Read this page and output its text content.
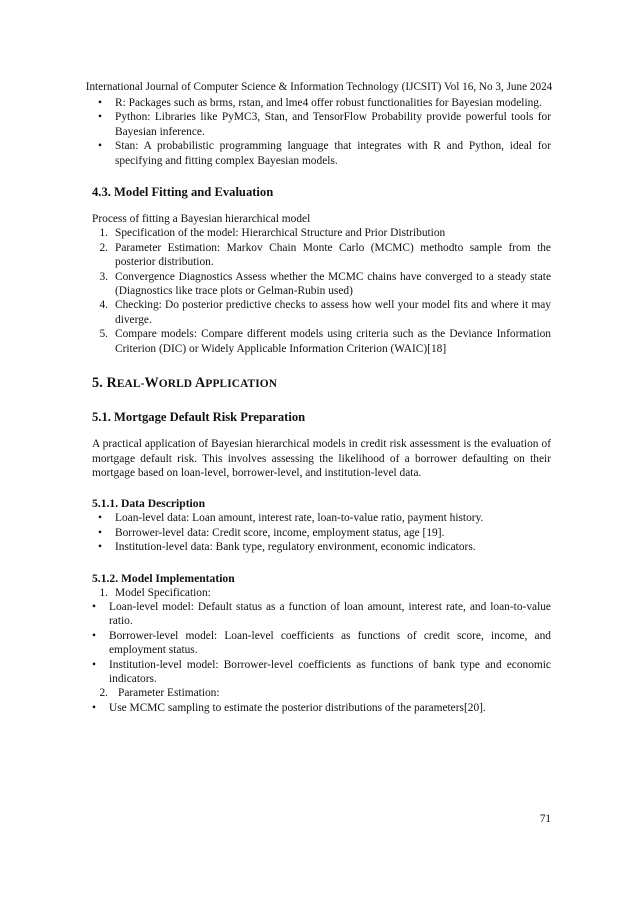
International Journal of Computer Science & Information Technology (IJCSIT) Vol 16, No 3, June 2024
• R: Packages such as brms, rstan, and lme4 offer robust functionalities for Bayesian modeling.
• Python: Libraries like PyMC3, Stan, and TensorFlow Probability provide powerful tools for Bayesian inference.
• Stan: A probabilistic programming language that integrates with R and Python, ideal for specifying and fitting complex Bayesian models.
4.3. Model Fitting and Evaluation

Process of fitting a Bayesian hierarchical model

1. Specification of the model: Hierarchical Structure and Prior Distribution
2. Parameter Estimation: Markov Chain Monte Carlo (MCMC) methodto sample from the posterior distribution.
3. Convergence Diagnostics Assess whether the MCMC chains have converged to a steady state (Diagnostics like trace plots or Gelman-Rubin used)
4. Checking: Do posterior predictive checks to assess how well your model fits and where it may diverge.
5. Compare models: Compare different models using criteria such as the Deviance Information Criterion (DIC) or Widely Applicable Information Criterion (WAIC)[18]
5. REAL-WORLD APPLICATION
5.1. Mortgage Default Risk Preparation

A practical application of Bayesian hierarchical models in credit risk assessment is the evaluation of mortgage default risk. This involves assessing the likelihood of a borrower defaulting on their mortgage based on loan-level, borrower-level, and institution-level data.

5.1.1. Data Description
• Loan-level data: Loan amount, interest rate, loan-to-value ratio, payment history.
• Borrower-level data: Credit score, income, employment status, age [19].
• Institution-level data: Bank type, regulatory environment, economic indicators.
5.1.2. Model Implementation
1. Model Specification:
• Loan-level model: Default status as a function of loan amount, interest rate, and loan-to-value ratio.
• Borrower-level model: Loan-level coefficients as functions of credit score, income, and employment status.
• Institution-level model: Borrower-level coefficients as functions of bank type and economic indicators.
2. Parameter Estimation:
• Use MCMC sampling to estimate the posterior distributions of the parameters[20].
71
